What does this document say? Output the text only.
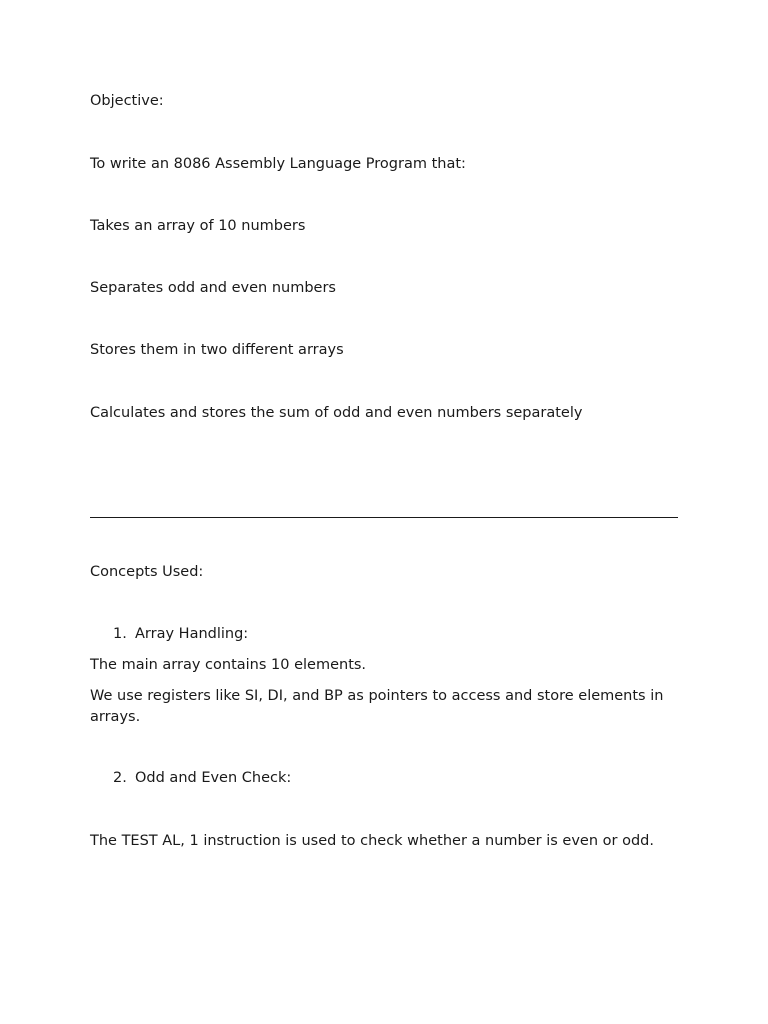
Objective:
To write an 8086 Assembly Language Program that:
Takes an array of 10 numbers
Separates odd and even numbers
Stores them in two different arrays
Calculates and stores the sum of odd and even numbers separately
Concepts Used:
1. Array Handling:
The main array contains 10 elements.
We use registers like SI, DI, and BP as pointers to access and store elements in arrays.
2. Odd and Even Check:
The TEST AL, 1 instruction is used to check whether a number is even or odd.
